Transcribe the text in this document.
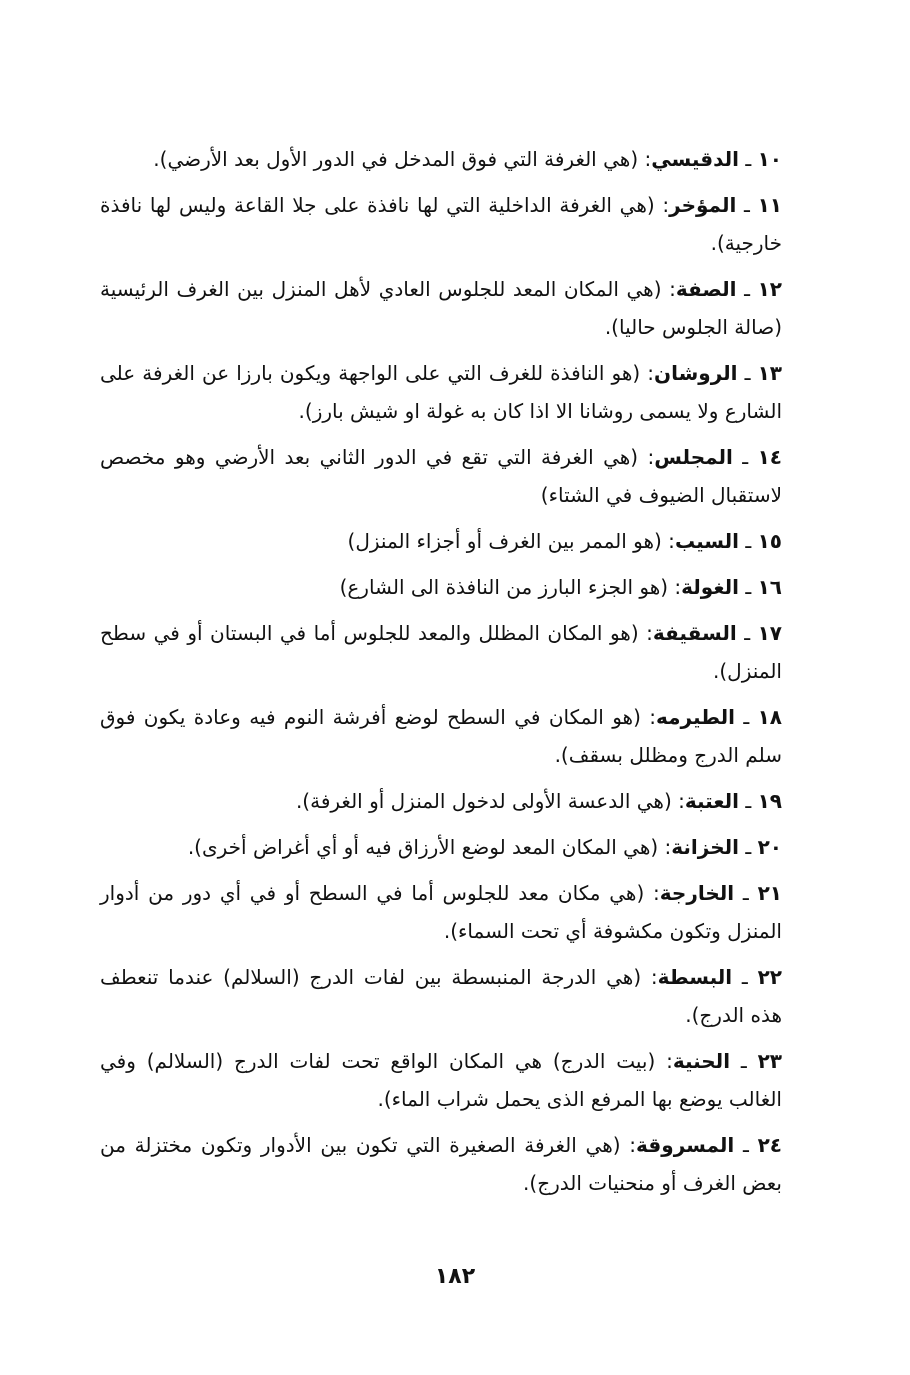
١٠ ـ الدقيسي: (هي الغرفة التي فوق المدخل في الدور الأول بعد الأرضي).

١١ ـ المؤخر: (هي الغرفة الداخلية التي لها نافذة على جلا القاعة وليس لها نافذة خارجية).

١٢ ـ الصفة: (هي المكان المعد للجلوس العادي لأهل المنزل بين الغرف الرئيسية (صالة الجلوس حاليا).

١٣ ـ الروشان: (هو النافذة للغرف التي على الواجهة ويكون بارزا عن الغرفة على الشارع ولا يسمى روشانا الا اذا كان به غولة او شيش بارز).

١٤ ـ المجلس: (هي الغرفة التي تقع في الدور الثاني بعد الأرضي وهو مخصص لاستقبال الضيوف في الشتاء)

١٥ ـ السيب: (هو الممر بين الغرف أو أجزاء المنزل)

١٦ ـ الغولة: (هو الجزء البارز من النافذة الى الشارع)

١٧ ـ السقيفة: (هو المكان المظلل والمعد للجلوس أما في البستان أو في سطح المنزل).

١٨ ـ الطيرمه: (هو المكان في السطح لوضع أفرشة النوم فيه وعادة يكون فوق سلم الدرج ومظلل بسقف).

١٩ ـ العتبة: (هي الدعسة الأولى لدخول المنزل أو الغرفة).

٢٠ ـ الخزانة: (هي المكان المعد لوضع الأرزاق فيه أو أي أغراض أخرى).

٢١ ـ الخارجة: (هي مكان معد للجلوس أما في السطح أو في أي دور من أدوار المنزل وتكون مكشوفة أي تحت السماء).

٢٢ ـ البسطة: (هي الدرجة المنبسطة بين لفات الدرج (السلالم) عندما تنعطف هذه الدرج).

٢٣ ـ الحنية: (بيت الدرج) هي المكان الواقع تحت لفات الدرج (السلالم) وفي الغالب يوضع بها المرفع الذى يحمل شراب الماء).

٢٤ ـ المسروقة: (هي الغرفة الصغيرة التي تكون بين الأدوار وتكون مختزلة من بعض الغرف أو منحنيات الدرج).

١٨٢
